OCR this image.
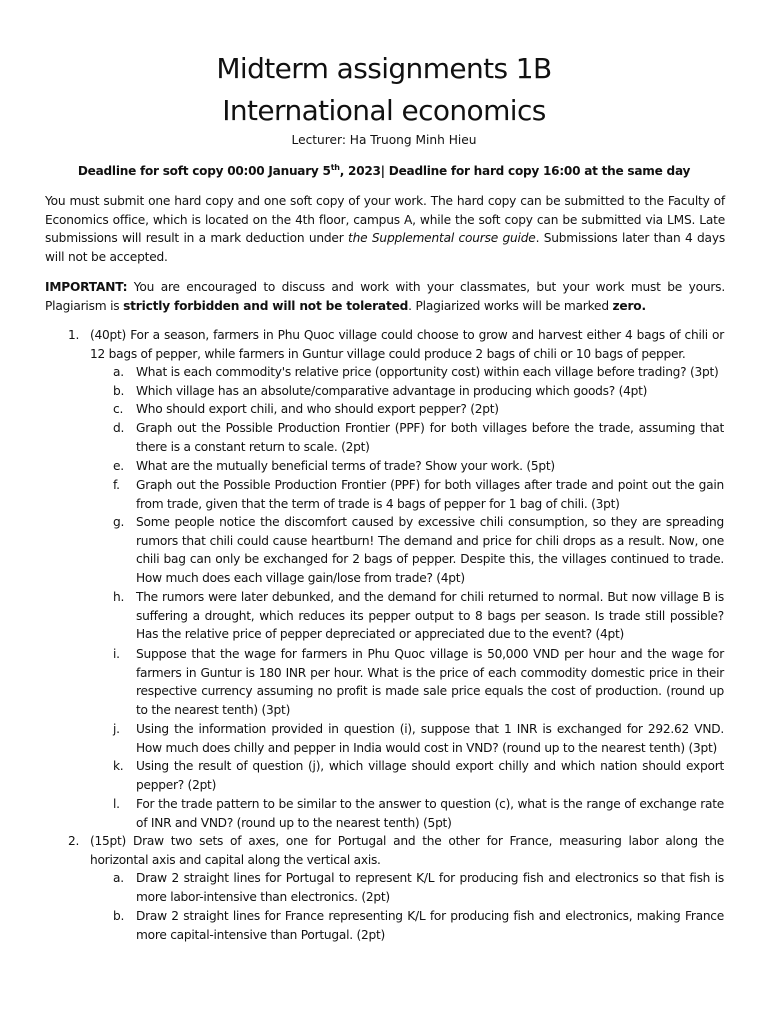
Midterm assignments 1B
International economics
Lecturer: Ha Truong Minh Hieu
Deadline for soft copy 00:00 January 5th, 2023| Deadline for hard copy 16:00 at the same day
You must submit one hard copy and one soft copy of your work. The hard copy can be submitted to the Faculty of Economics office, which is located on the 4th floor, campus A, while the soft copy can be submitted via LMS. Late submissions will result in a mark deduction under the Supplemental course guide. Submissions later than 4 days will not be accepted.
IMPORTANT: You are encouraged to discuss and work with your classmates, but your work must be yours. Plagiarism is strictly forbidden and will not be tolerated. Plagiarized works will be marked zero.
1. (40pt) For a season, farmers in Phu Quoc village could choose to grow and harvest either 4 bags of chili or 12 bags of pepper, while farmers in Guntur village could produce 2 bags of chili or 10 bags of pepper.
a. What is each commodity's relative price (opportunity cost) within each village before trading? (3pt)
b. Which village has an absolute/comparative advantage in producing which goods? (4pt)
c. Who should export chili, and who should export pepper? (2pt)
d. Graph out the Possible Production Frontier (PPF) for both villages before the trade, assuming that there is a constant return to scale. (2pt)
e. What are the mutually beneficial terms of trade? Show your work. (5pt)
f. Graph out the Possible Production Frontier (PPF) for both villages after trade and point out the gain from trade, given that the term of trade is 4 bags of pepper for 1 bag of chili. (3pt)
g. Some people notice the discomfort caused by excessive chili consumption, so they are spreading rumors that chili could cause heartburn! The demand and price for chili drops as a result. Now, one chili bag can only be exchanged for 2 bags of pepper. Despite this, the villages continued to trade. How much does each village gain/lose from trade? (4pt)
h. The rumors were later debunked, and the demand for chili returned to normal. But now village B is suffering a drought, which reduces its pepper output to 8 bags per season. Is trade still possible? Has the relative price of pepper depreciated or appreciated due to the event? (4pt)
i. Suppose that the wage for farmers in Phu Quoc village is 50,000 VND per hour and the wage for farmers in Guntur is 180 INR per hour. What is the price of each commodity domestic price in their respective currency assuming no profit is made sale price equals the cost of production. (round up to the nearest tenth) (3pt)
j. Using the information provided in question (i), suppose that 1 INR is exchanged for 292.62 VND. How much does chilly and pepper in India would cost in VND? (round up to the nearest tenth) (3pt)
k. Using the result of question (j), which village should export chilly and which nation should export pepper? (2pt)
l. For the trade pattern to be similar to the answer to question (c), what is the range of exchange rate of INR and VND? (round up to the nearest tenth) (5pt)
2. (15pt) Draw two sets of axes, one for Portugal and the other for France, measuring labor along the horizontal axis and capital along the vertical axis.
a. Draw 2 straight lines for Portugal to represent K/L for producing fish and electronics so that fish is more labor-intensive than electronics. (2pt)
b. Draw 2 straight lines for France representing K/L for producing fish and electronics, making France more capital-intensive than Portugal. (2pt)
